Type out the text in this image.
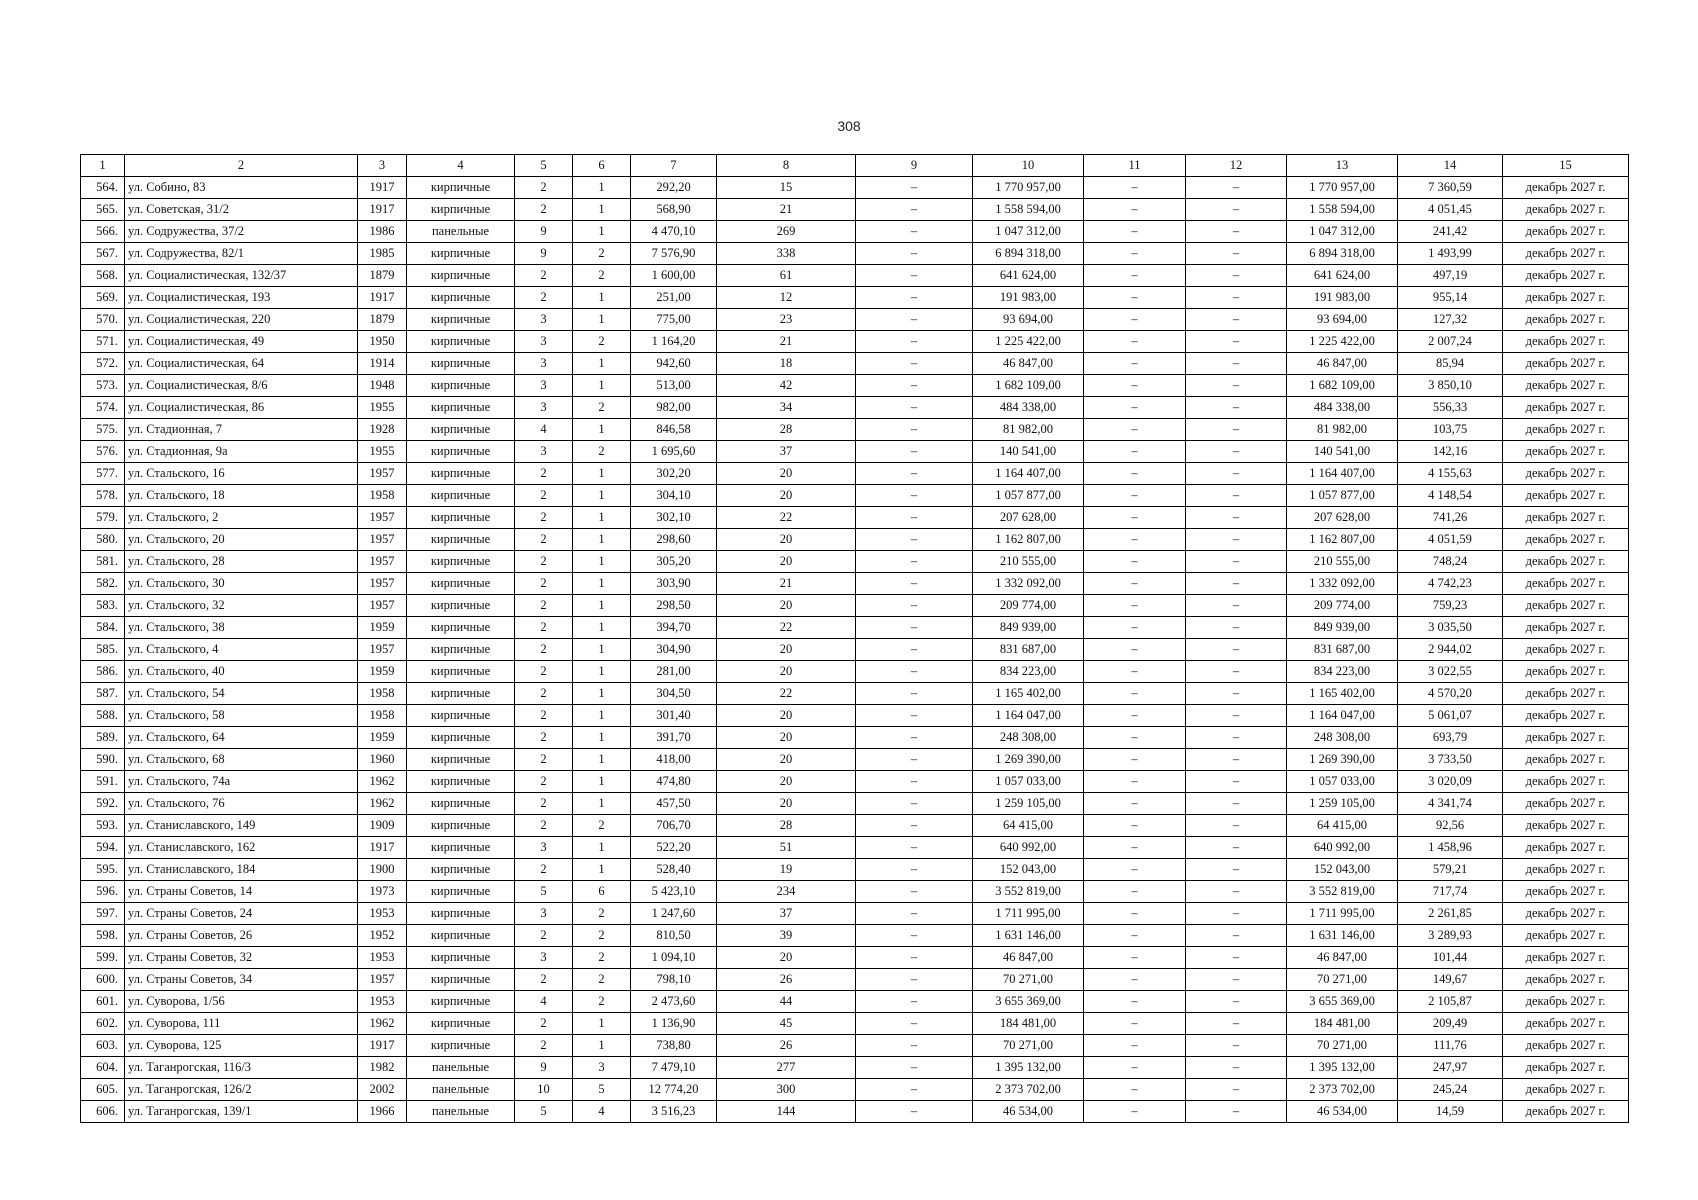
308
1	2	3	4	5	6	7	8	9	10	11	12	13	14	15
564.	ул. Собино, 83	1917	кирпичные	2	1	292,20	15	–	1 770 957,00	–	–	1 770 957,00	7 360,59	декабрь 2027 г.
565.	ул. Советская, 31/2	1917	кирпичные	2	1	568,90	21	–	1 558 594,00	–	–	1 558 594,00	4 051,45	декабрь 2027 г.
566.	ул. Содружества, 37/2	1986	панельные	9	1	4 470,10	269	–	1 047 312,00	–	–	1 047 312,00	241,42	декабрь 2027 г.
567.	ул. Содружества, 82/1	1985	кирпичные	9	2	7 576,90	338	–	6 894 318,00	–	–	6 894 318,00	1 493,99	декабрь 2027 г.
568.	ул. Социалистическая, 132/37	1879	кирпичные	2	2	1 600,00	61	–	641 624,00	–	–	641 624,00	497,19	декабрь 2027 г.
569.	ул. Социалистическая, 193	1917	кирпичные	2	1	251,00	12	–	191 983,00	–	–	191 983,00	955,14	декабрь 2027 г.
570.	ул. Социалистическая, 220	1879	кирпичные	3	1	775,00	23	–	93 694,00	–	–	93 694,00	127,32	декабрь 2027 г.
571.	ул. Социалистическая, 49	1950	кирпичные	3	2	1 164,20	21	–	1 225 422,00	–	–	1 225 422,00	2 007,24	декабрь 2027 г.
572.	ул. Социалистическая, 64	1914	кирпичные	3	1	942,60	18	–	46 847,00	–	–	46 847,00	85,94	декабрь 2027 г.
573.	ул. Социалистическая, 8/6	1948	кирпичные	3	1	513,00	42	–	1 682 109,00	–	–	1 682 109,00	3 850,10	декабрь 2027 г.
574.	ул. Социалистическая, 86	1955	кирпичные	3	2	982,00	34	–	484 338,00	–	–	484 338,00	556,33	декабрь 2027 г.
575.	ул. Стадионная, 7	1928	кирпичные	4	1	846,58	28	–	81 982,00	–	–	81 982,00	103,75	декабрь 2027 г.
576.	ул. Стадионная, 9а	1955	кирпичные	3	2	1 695,60	37	–	140 541,00	–	–	140 541,00	142,16	декабрь 2027 г.
577.	ул. Стальского, 16	1957	кирпичные	2	1	302,20	20	–	1 164 407,00	–	–	1 164 407,00	4 155,63	декабрь 2027 г.
578.	ул. Стальского, 18	1958	кирпичные	2	1	304,10	20	–	1 057 877,00	–	–	1 057 877,00	4 148,54	декабрь 2027 г.
579.	ул. Стальского, 2	1957	кирпичные	2	1	302,10	22	–	207 628,00	–	–	207 628,00	741,26	декабрь 2027 г.
580.	ул. Стальского, 20	1957	кирпичные	2	1	298,60	20	–	1 162 807,00	–	–	1 162 807,00	4 051,59	декабрь 2027 г.
581.	ул. Стальского, 28	1957	кирпичные	2	1	305,20	20	–	210 555,00	–	–	210 555,00	748,24	декабрь 2027 г.
582.	ул. Стальского, 30	1957	кирпичные	2	1	303,90	21	–	1 332 092,00	–	–	1 332 092,00	4 742,23	декабрь 2027 г.
583.	ул. Стальского, 32	1957	кирпичные	2	1	298,50	20	–	209 774,00	–	–	209 774,00	759,23	декабрь 2027 г.
584.	ул. Стальского, 38	1959	кирпичные	2	1	394,70	22	–	849 939,00	–	–	849 939,00	3 035,50	декабрь 2027 г.
585.	ул. Стальского, 4	1957	кирпичные	2	1	304,90	20	–	831 687,00	–	–	831 687,00	2 944,02	декабрь 2027 г.
586.	ул. Стальского, 40	1959	кирпичные	2	1	281,00	20	–	834 223,00	–	–	834 223,00	3 022,55	декабрь 2027 г.
587.	ул. Стальского, 54	1958	кирпичные	2	1	304,50	22	–	1 165 402,00	–	–	1 165 402,00	4 570,20	декабрь 2027 г.
588.	ул. Стальского, 58	1958	кирпичные	2	1	301,40	20	–	1 164 047,00	–	–	1 164 047,00	5 061,07	декабрь 2027 г.
589.	ул. Стальского, 64	1959	кирпичные	2	1	391,70	20	–	248 308,00	–	–	248 308,00	693,79	декабрь 2027 г.
590.	ул. Стальского, 68	1960	кирпичные	2	1	418,00	20	–	1 269 390,00	–	–	1 269 390,00	3 733,50	декабрь 2027 г.
591.	ул. Стальского, 74а	1962	кирпичные	2	1	474,80	20	–	1 057 033,00	–	–	1 057 033,00	3 020,09	декабрь 2027 г.
592.	ул. Стальского, 76	1962	кирпичные	2	1	457,50	20	–	1 259 105,00	–	–	1 259 105,00	4 341,74	декабрь 2027 г.
593.	ул. Станиславского, 149	1909	кирпичные	2	2	706,70	28	–	64 415,00	–	–	64 415,00	92,56	декабрь 2027 г.
594.	ул. Станиславского, 162	1917	кирпичные	3	1	522,20	51	–	640 992,00	–	–	640 992,00	1 458,96	декабрь 2027 г.
595.	ул. Станиславского, 184	1900	кирпичные	2	1	528,40	19	–	152 043,00	–	–	152 043,00	579,21	декабрь 2027 г.
596.	ул. Страны Советов, 14	1973	кирпичные	5	6	5 423,10	234	–	3 552 819,00	–	–	3 552 819,00	717,74	декабрь 2027 г.
597.	ул. Страны Советов, 24	1953	кирпичные	3	2	1 247,60	37	–	1 711 995,00	–	–	1 711 995,00	2 261,85	декабрь 2027 г.
598.	ул. Страны Советов, 26	1952	кирпичные	2	2	810,50	39	–	1 631 146,00	–	–	1 631 146,00	3 289,93	декабрь 2027 г.
599.	ул. Страны Советов, 32	1953	кирпичные	3	2	1 094,10	20	–	46 847,00	–	–	46 847,00	101,44	декабрь 2027 г.
600.	ул. Страны Советов, 34	1957	кирпичные	2	2	798,10	26	–	70 271,00	–	–	70 271,00	149,67	декабрь 2027 г.
601.	ул. Суворова, 1/56	1953	кирпичные	4	2	2 473,60	44	–	3 655 369,00	–	–	3 655 369,00	2 105,87	декабрь 2027 г.
602.	ул. Суворова, 111	1962	кирпичные	2	1	1 136,90	45	–	184 481,00	–	–	184 481,00	209,49	декабрь 2027 г.
603.	ул. Суворова, 125	1917	кирпичные	2	1	738,80	26	–	70 271,00	–	–	70 271,00	111,76	декабрь 2027 г.
604.	ул. Таганрогская, 116/3	1982	панельные	9	3	7 479,10	277	–	1 395 132,00	–	–	1 395 132,00	247,97	декабрь 2027 г.
605.	ул. Таганрогская, 126/2	2002	панельные	10	5	12 774,20	300	–	2 373 702,00	–	–	2 373 702,00	245,24	декабрь 2027 г.
606.	ул. Таганрогская, 139/1	1966	панельные	5	4	3 516,23	144	–	46 534,00	–	–	46 534,00	14,59	декабрь 2027 г.
